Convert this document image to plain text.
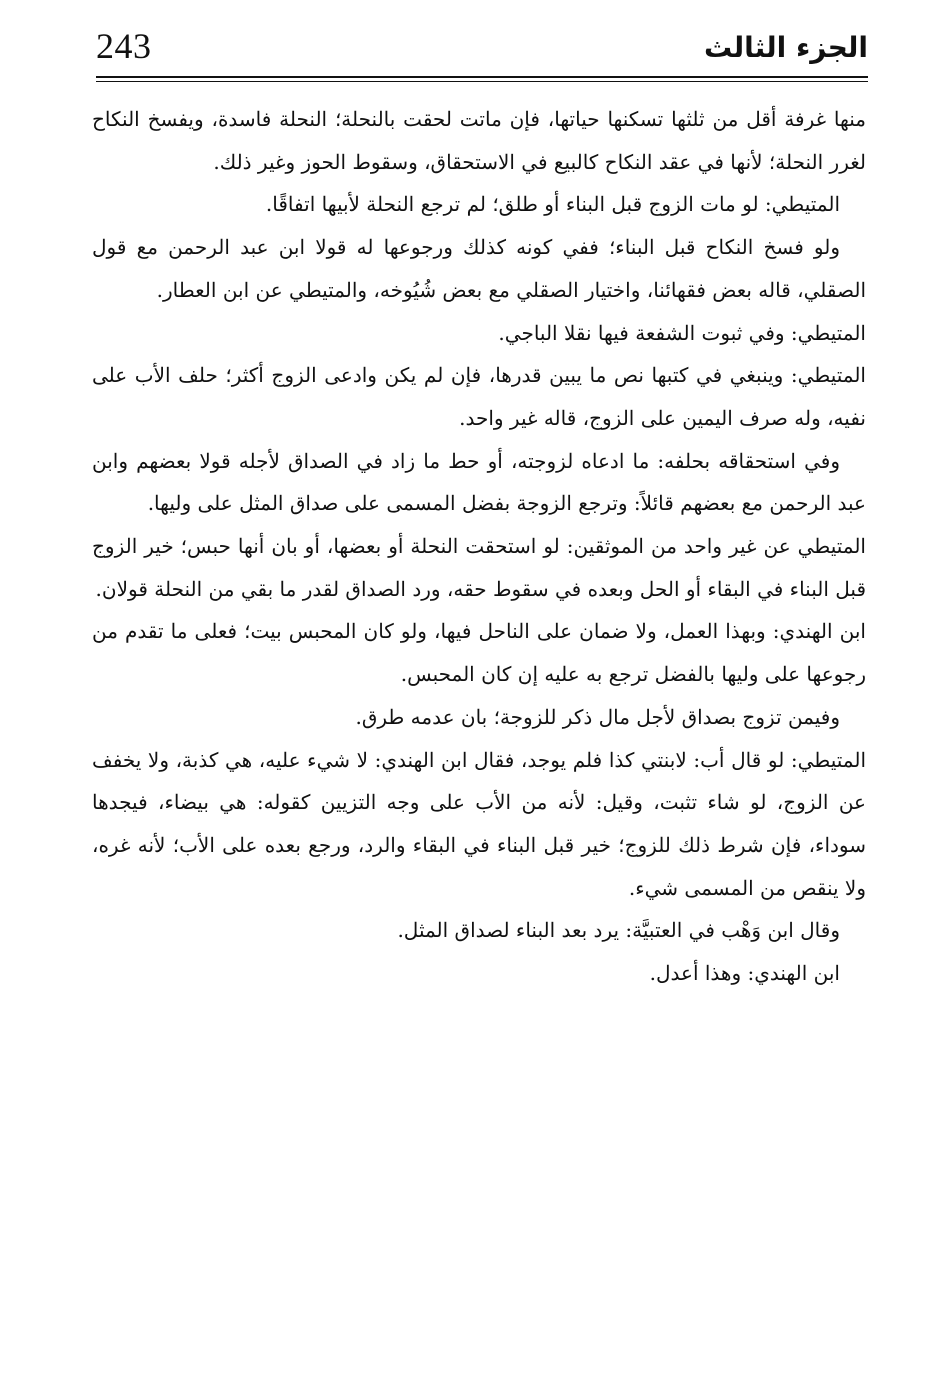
243	الجزء الثالث

منها غرفة أقل من ثلثها تسكنها حياتها، فإن ماتت لحقت بالنحلة؛ النحلة فاسدة، ويفسخ النكاح لغرر النحلة؛ لأنها في عقد النكاح كالبيع في الاستحقاق، وسقوط الحوز وغير ذلك.

المتيطي: لو مات الزوج قبل البناء أو طلق؛ لم ترجع النحلة لأبيها اتفاقًا.

ولو فسخ النكاح قبل البناء؛ ففي كونه كذلك ورجوعها له قولا ابن عبد الرحمن مع قول الصقلي، قاله بعض فقهائنا، واختيار الصقلي مع بعض شُيُوخه، والمتيطي عن ابن العطار.

المتيطي: وفي ثبوت الشفعة فيها نقلا الباجي.

المتيطي: وينبغي في كتبها نص ما يبين قدرها، فإن لم يكن وادعى الزوج أكثر؛ حلف الأب على نفيه، وله صرف اليمين على الزوج، قاله غير واحد.

وفي استحقاقه بحلفه: ما ادعاه لزوجته، أو حط ما زاد في الصداق لأجله قولا بعضهم وابن عبد الرحمن مع بعضهم قائلاً: وترجع الزوجة بفضل المسمى على صداق المثل على وليها.

المتيطي عن غير واحد من الموثقين: لو استحقت النحلة أو بعضها، أو بان أنها حبس؛ خير الزوج قبل البناء في البقاء أو الحل وبعده في سقوط حقه، ورد الصداق لقدر ما بقي من النحلة قولان.

ابن الهندي: وبهذا العمل، ولا ضمان على الناحل فيها، ولو كان المحبس بيت؛ فعلى ما تقدم من رجوعها على وليها بالفضل ترجع به عليه إن كان المحبس.

وفيمن تزوج بصداق لأجل مال ذكر للزوجة؛ بان عدمه طرق.

المتيطي: لو قال أب: لابنتي كذا فلم يوجد، فقال ابن الهندي: لا شيء عليه، هي كذبة، ولا يخفف عن الزوج، لو شاء تثبت، وقيل: لأنه من الأب على وجه التزيين كقوله: هي بيضاء، فيجدها سوداء، فإن شرط ذلك للزوج؛ خير قبل البناء في البقاء والرد، ورجع بعده على الأب؛ لأنه غره، ولا ينقص من المسمى شيء.

وقال ابن وَهْب في العتبيَّة: يرد بعد البناء لصداق المثل.

ابن الهندي: وهذا أعدل.
